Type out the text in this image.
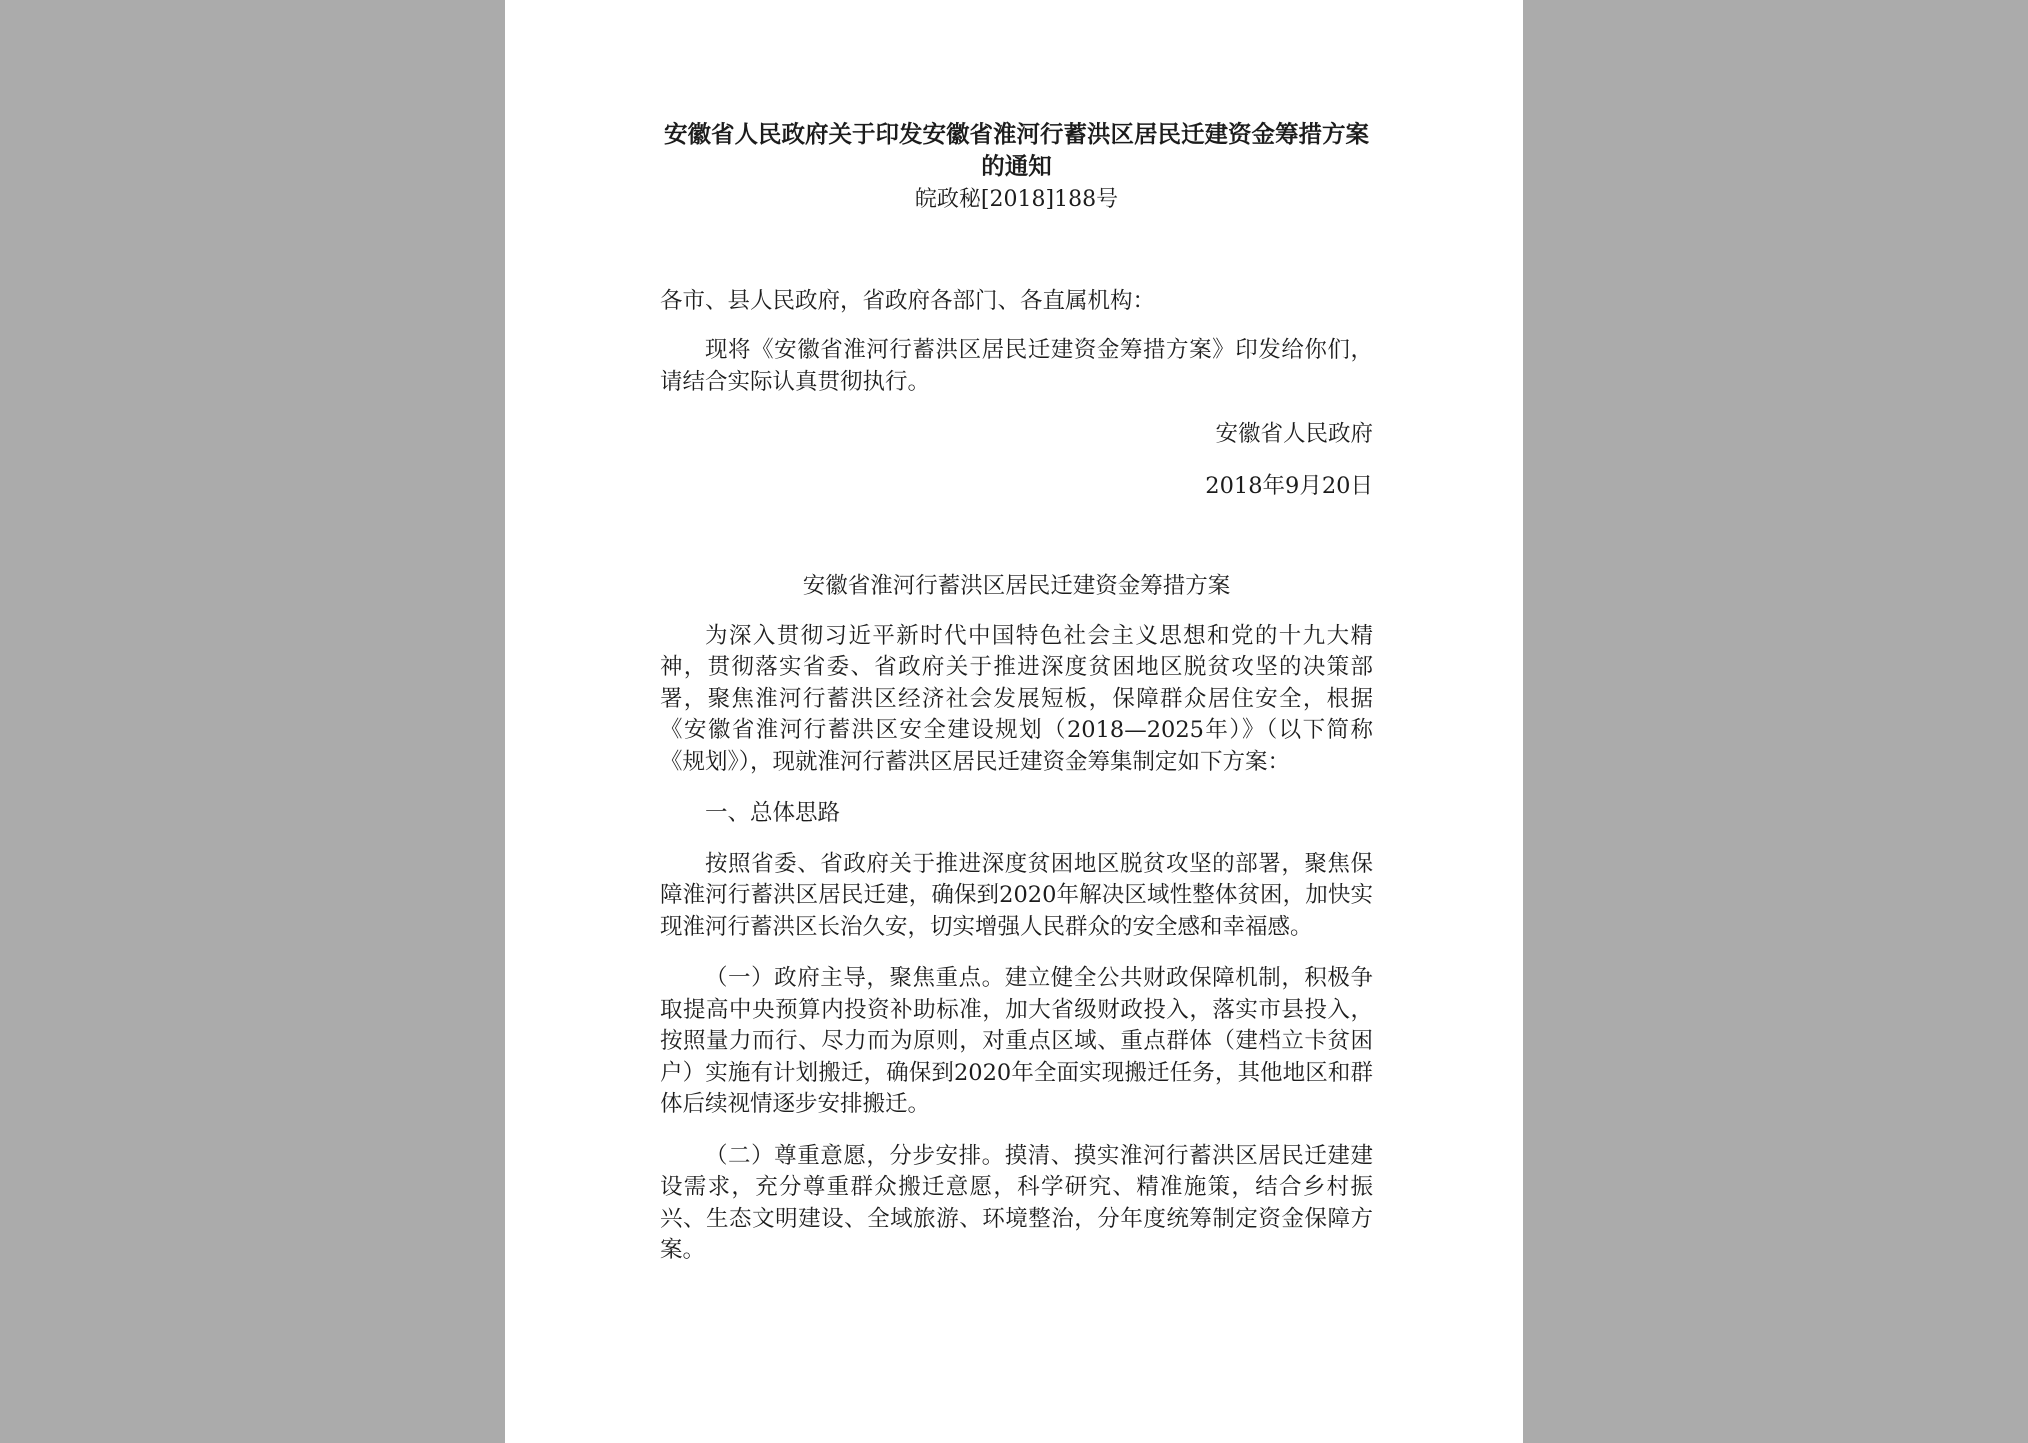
安徽省人民政府关于印发安徽省淮河行蓄洪区居民迁建资金筹措方案的通知
皖政秘[2018]188号
各市、县人民政府，省政府各部门、各直属机构：

现将《安徽省淮河行蓄洪区居民迁建资金筹措方案》印发给你们，请结合实际认真贯彻执行。

安徽省人民政府
2018年9月20日
安徽省淮河行蓄洪区居民迁建资金筹措方案

为深入贯彻习近平新时代中国特色社会主义思想和党的十九大精神，贯彻落实省委、省政府关于推进深度贫困地区脱贫攻坚的决策部署，聚焦淮河行蓄洪区经济社会发展短板，保障群众居住安全，根据《安徽省淮河行蓄洪区安全建设规划（2018—2025年）》（以下简称《规划》），现就淮河行蓄洪区居民迁建资金筹集制定如下方案：

一、总体思路

按照省委、省政府关于推进深度贫困地区脱贫攻坚的部署，聚焦保障淮河行蓄洪区居民迁建，确保到2020年解决区域性整体贫困，加快实现淮河行蓄洪区长治久安，切实增强人民群众的安全感和幸福感。

（一）政府主导，聚焦重点。建立健全公共财政保障机制，积极争取提高中央预算内投资补助标准，加大省级财政投入，落实市县投入，按照量力而行、尽力而为原则，对重点区域、重点群体（建档立卡贫困户）实施有计划搬迁，确保到2020年全面实现搬迁任务，其他地区和群体后续视情逐步安排搬迁。

（二）尊重意愿，分步安排。摸清、摸实淮河行蓄洪区居民迁建建设需求，充分尊重群众搬迁意愿，科学研究、精准施策，结合乡村振兴、生态文明建设、全域旅游、环境整治，分年度统筹制定资金保障方案。
